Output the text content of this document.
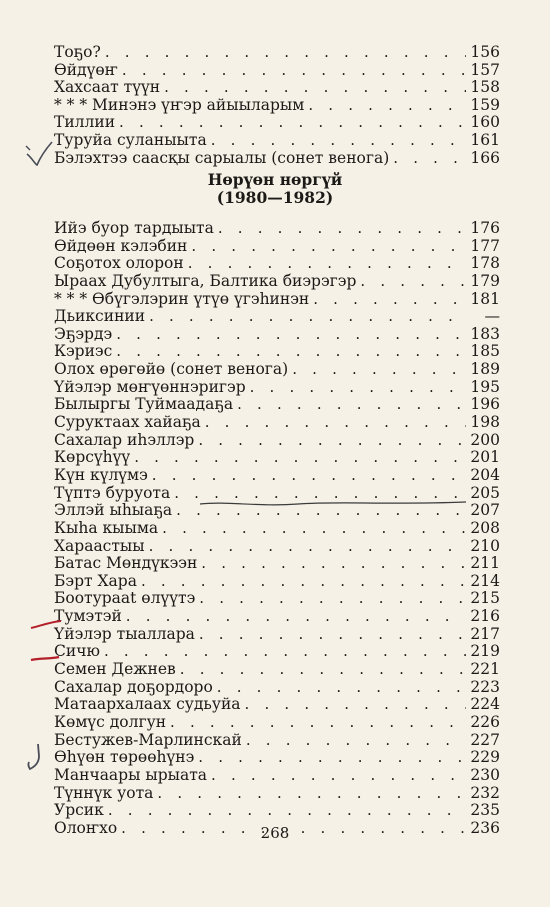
Тоҕо? . . .	156
Өйдүөҥ . . .	157
Хахсаат түүн . . .	158
* * * Минэнэ үҥэр айыыларым . . .	159
Тиллии . . .	160
Туруйа суланыыта . . .	161
Бэлэхтээ саасқы сарыалы (сонет венога) . . .	166
Нөрүөн нөргүй
(1980—1982)
Ийэ буор тардыыта . . .	176
Өйдөөн кэлэбин . . .	177
Соҕотох олорон . . .	178
Ыраах Дубултыга, Балтика биэрэгэр . . .	179
* * * Өбүгэлэрин үтүө үгэһинэн . . .	181
Дьиксинии . . .	—
Эҕэрдэ . . .	183
Кэриэс . . .	185
Олох өрөгөйө (сонет венога) . . .	189
Үйэлэр мөҥүөннэригэр . . .	195
Былыргы Туймаадаҕа . . .	196
Суруктаах хайаҕа . . .	198
Сахалар иһэллэр . . .	200
Көрсүһүү . . .	201
Күн күлүмэ . . .	204
Түптэ буруота . . .	205
Эллэй ыһыаҕа . . .	207
Кыһа кыыма . . .	208
Харааcтыы . . .	210
Батас Мөндүкээн . . .	211
Бэрт Хара . . .	214
Боотурааt өлүүтэ . . .	215
Тумэтэй . . .	216
Үйэлэр тыаллара . . .	217
Сичю . . .	219
Семен Дежнев . . .	221
Сахалар доҕордоро . . .	223
Матаархалаах судьуйа . . .	224
Көмүс долгун . . .	226
Бестужев-Марлинскай . . .	227
Өһүөн төрөөһүнэ . . .	229
Манчаары ырыата . . .	230
Түннүк уота . . .	232
Урсик . . .	235
Олоҥхо . . .	236
268
